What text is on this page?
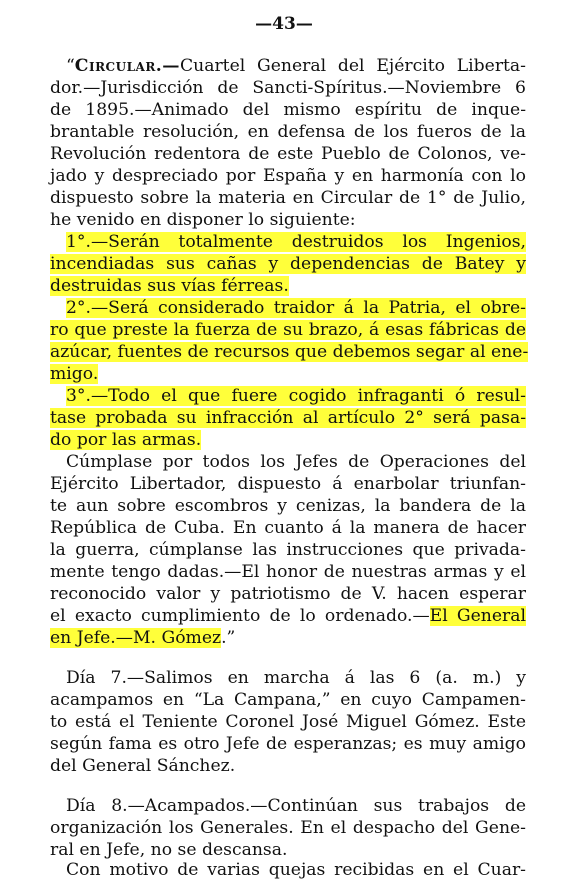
—43—
“Circular.—Cuartel General del Ejército Liberta-
dor.—Jurisdicción de Sancti-Spíritus.—Noviembre 6
de 1895.—Animado del mismo espíritu de inque-
brantable resolución, en defensa de los fueros de la
Revolución redentora de este Pueblo de Colonos, ve-
jado y despreciado por España y en harmonía con lo
dispuesto sobre la materia en Circular de 1° de Julio,
he venido en disponer lo siguiente:
1°.—Serán totalmente destruidos los Ingenios,
incendiadas sus cañas y dependencias de Batey y
destruidas sus vías férreas.
2°.—Será considerado traidor á la Patria, el obre-
ro que preste la fuerza de su brazo, á esas fábricas de
azúcar, fuentes de recursos que debemos segar al ene-
migo.
3°.—Todo el que fuere cogido infraganti ó resul-
tase probada su infracción al artículo 2° será pasa-
do por las armas.
Cúmplase por todos los Jefes de Operaciones del
Ejército Libertador, dispuesto á enarbolar triunfan-
te aun sobre escombros y cenizas, la bandera de la
República de Cuba. En cuanto á la manera de hacer
la guerra, cúmplanse las instrucciones que privada-
mente tengo dadas.—El honor de nuestras armas y el
reconocido valor y patriotismo de V. hacen esperar
el exacto cumplimiento de lo ordenado.—El General
en Jefe.—M. Gómez.”
Día 7.—Salimos en marcha á las 6 (a. m.) y
acampamos en “La Campana,” en cuyo Campamen-
to está el Teniente Coronel José Miguel Gómez. Este
según fama es otro Jefe de esperanzas; es muy amigo
del General Sánchez.
Día 8.—Acampados.—Continúan sus trabajos de
organización los Generales. En el despacho del Gene-
ral en Jefe, no se descansa.
Con motivo de varias quejas recibidas en el Cuar-
